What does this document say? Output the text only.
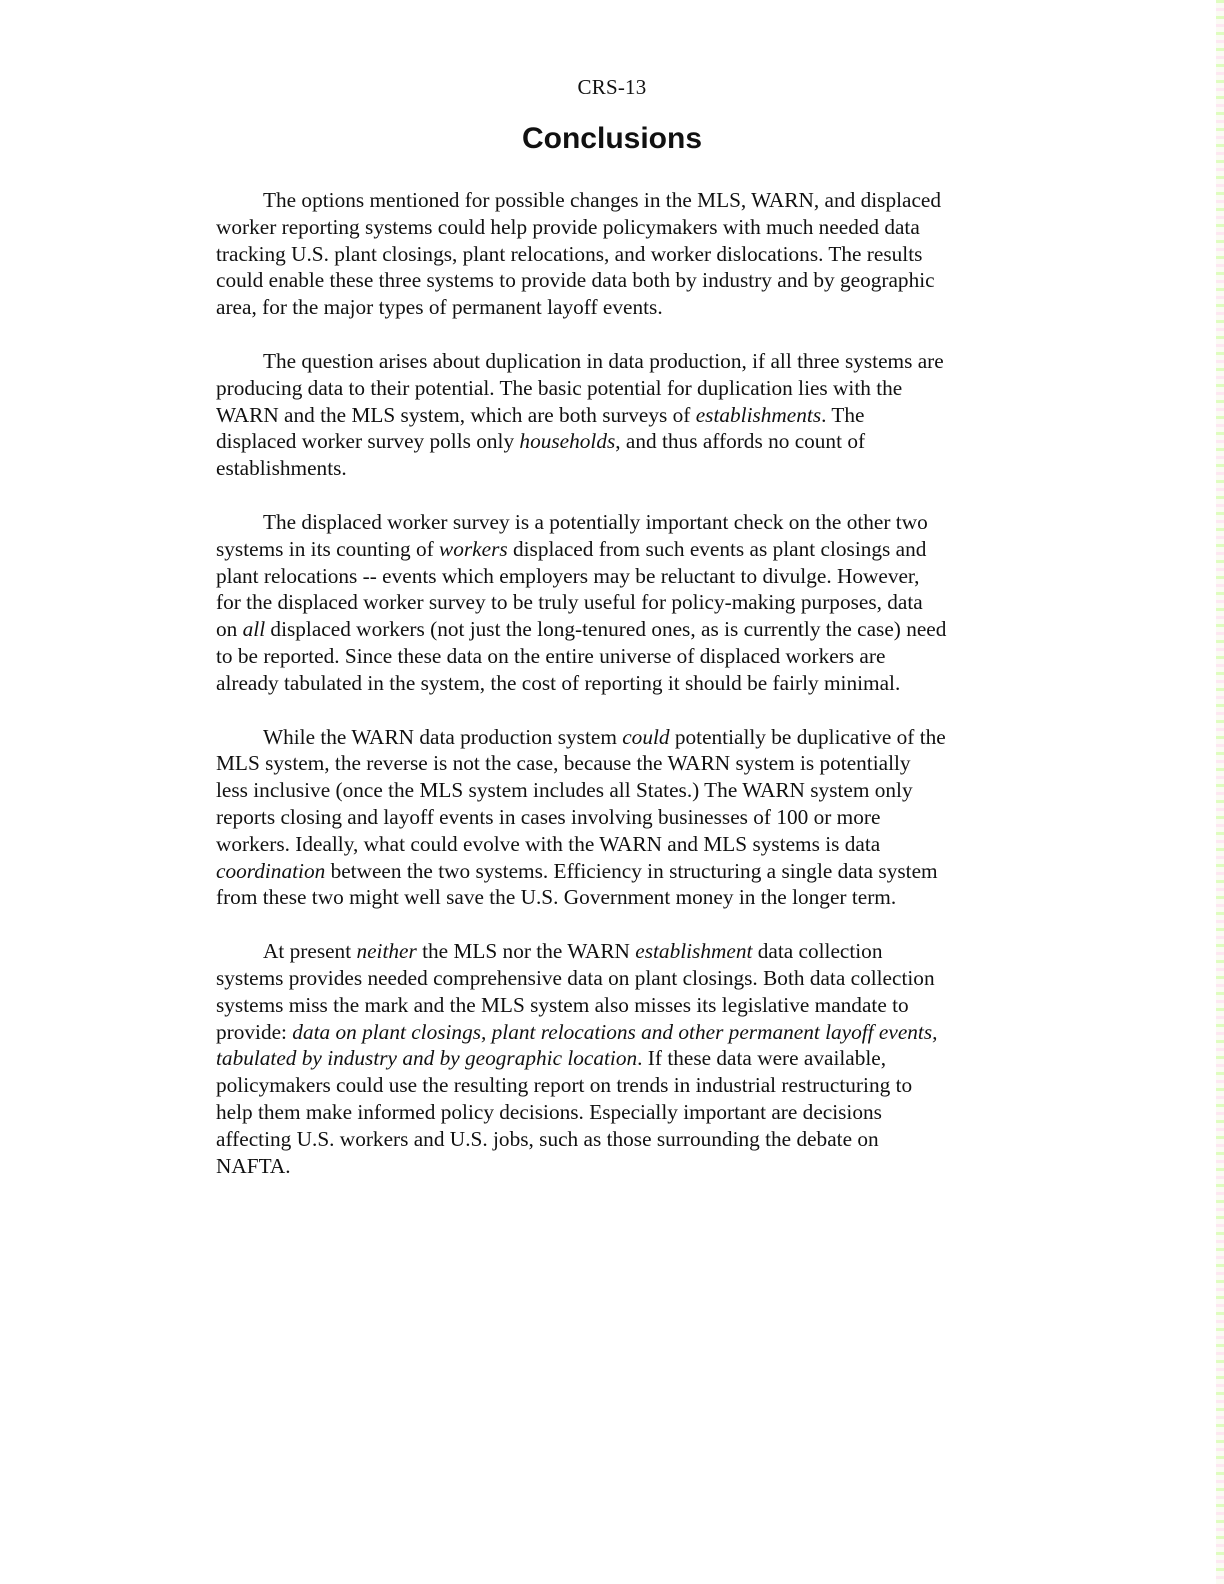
CRS-13
Conclusions

The options mentioned for possible changes in the MLS, WARN, and displaced
worker reporting systems could help provide policymakers with much needed data
tracking U.S. plant closings, plant relocations, and worker dislocations. The results
could enable these three systems to provide data both by industry and by geographic
area, for the major types of permanent layoff events.

The question arises about duplication in data production, if all three systems are
producing data to their potential. The basic potential for duplication lies with the
WARN and the MLS system, which are both surveys of establishments. The
displaced worker survey polls only households, and thus affords no count of
establishments.

The displaced worker survey is a potentially important check on the other two
systems in its counting of workers displaced from such events as plant closings and
plant relocations -- events which employers may be reluctant to divulge. However,
for the displaced worker survey to be truly useful for policy-making purposes, data
on all displaced workers (not just the long-tenured ones, as is currently the case) need
to be reported. Since these data on the entire universe of displaced workers are
already tabulated in the system, the cost of reporting it should be fairly minimal.

While the WARN data production system could potentially be duplicative of the
MLS system, the reverse is not the case, because the WARN system is potentially
less inclusive (once the MLS system includes all States.) The WARN system only
reports closing and layoff events in cases involving businesses of 100 or more
workers. Ideally, what could evolve with the WARN and MLS systems is data
coordination between the two systems. Efficiency in structuring a single data system
from these two might well save the U.S. Government money in the longer term.

At present neither the MLS nor the WARN establishment data collection
systems provides needed comprehensive data on plant closings. Both data collection
systems miss the mark and the MLS system also misses its legislative mandate to
provide: data on plant closings, plant relocations and other permanent layoff events,
tabulated by industry and by geographic location. If these data were available,
policymakers could use the resulting report on trends in industrial restructuring to
help them make informed policy decisions. Especially important are decisions
affecting U.S. workers and U.S. jobs, such as those surrounding the debate on
NAFTA.
